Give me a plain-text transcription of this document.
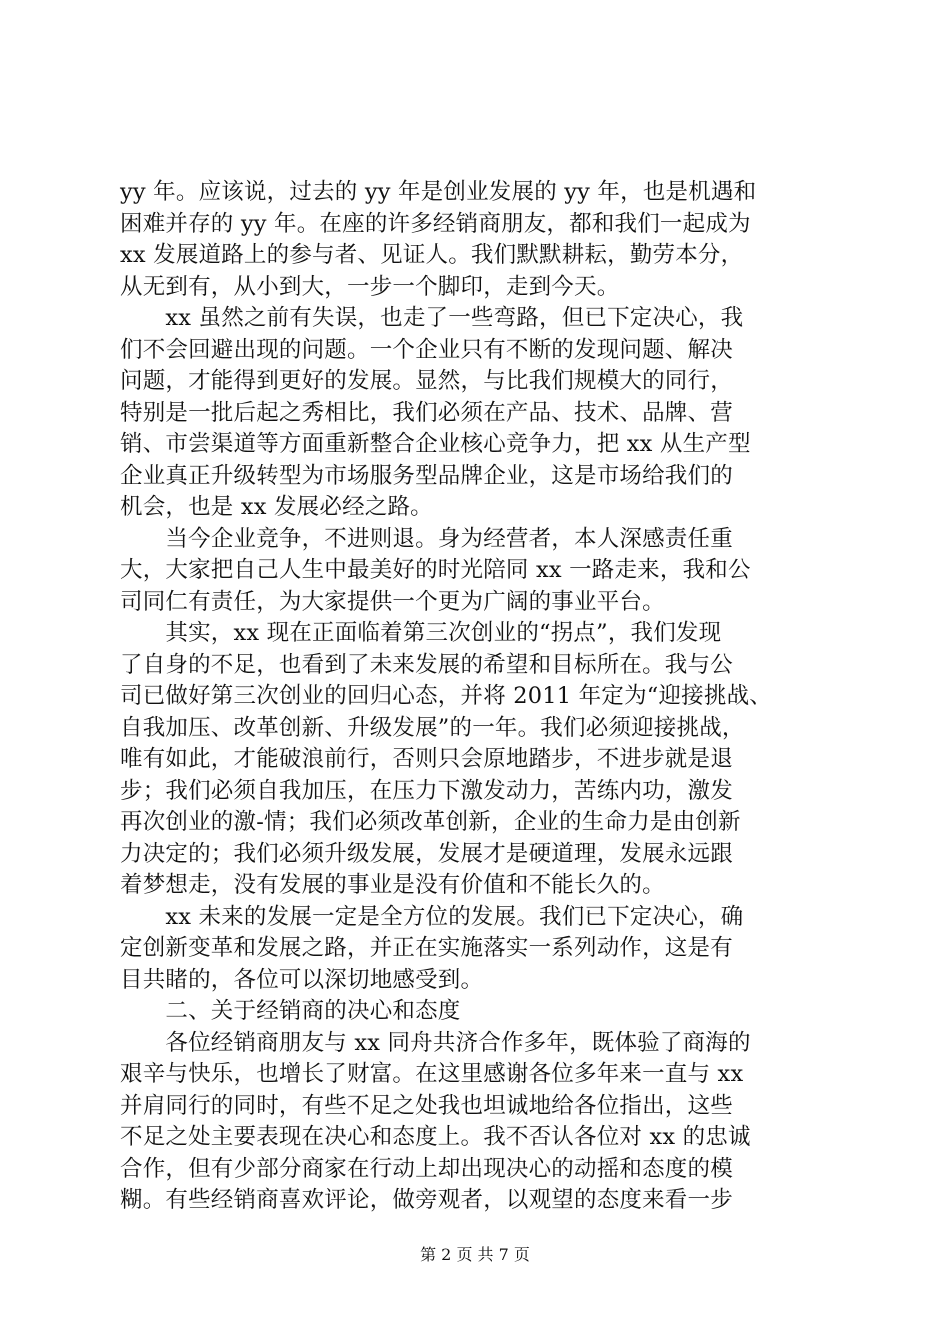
yy 年。应该说，过去的 yy 年是创业发展的 yy 年，也是机遇和
困难并存的 yy 年。在座的许多经销商朋友，都和我们一起成为
xx 发展道路上的参与者、见证人。我们默默耕耘，勤劳本分，
从无到有，从小到大，一步一个脚印，走到今天。
　　xx 虽然之前有失误，也走了一些弯路，但已下定决心，我
们不会回避出现的问题。一个企业只有不断的发现问题、解决
问题，才能得到更好的发展。显然，与比我们规模大的同行，
特别是一批后起之秀相比，我们必须在产品、技术、品牌、营
销、市尝渠道等方面重新整合企业核心竞争力，把 xx 从生产型
企业真正升级转型为市场服务型品牌企业，这是市场给我们的
机会，也是 xx 发展必经之路。
　　当今企业竞争，不进则退。身为经营者，本人深感责任重
大，大家把自己人生中最美好的时光陪同 xx 一路走来，我和公
司同仁有责任，为大家提供一个更为广阔的事业平台。
　　其实，xx 现在正面临着第三次创业的“拐点”，我们发现
了自身的不足，也看到了未来发展的希望和目标所在。我与公
司已做好第三次创业的回归心态，并将 2011 年定为“迎接挑战、
自我加压、改革创新、升级发展”的一年。我们必须迎接挑战，
唯有如此，才能破浪前行，否则只会原地踏步，不进步就是退
步；我们必须自我加压，在压力下激发动力，苦练内功，激发
再次创业的激-情；我们必须改革创新，企业的生命力是由创新
力决定的；我们必须升级发展，发展才是硬道理，发展永远跟
着梦想走，没有发展的事业是没有价值和不能长久的。
　　xx 未来的发展一定是全方位的发展。我们已下定决心，确
定创新变革和发展之路，并正在实施落实一系列动作，这是有
目共睹的，各位可以深切地感受到。
　　二、关于经销商的决心和态度
　　各位经销商朋友与 xx 同舟共济合作多年，既体验了商海的
艰辛与快乐，也增长了财富。在这里感谢各位多年来一直与 xx
并肩同行的同时，有些不足之处我也坦诚地给各位指出，这些
不足之处主要表现在决心和态度上。我不否认各位对 xx 的忠诚
合作，但有少部分商家在行动上却出现决心的动摇和态度的模
糊。有些经销商喜欢评论，做旁观者，以观望的态度来看一步
第 2 页 共 7 页
